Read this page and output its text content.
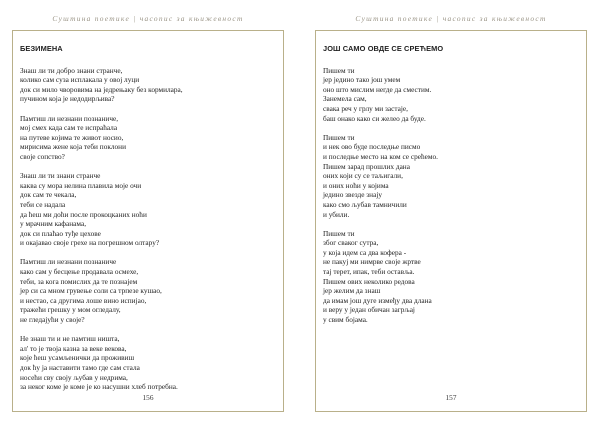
Суштина поетике | часопис за књижевност
БЕЗИМЕНА
Знаш ли ти добро знани странче,
колико сам суза исплакала у овој луци
док си мило чворовима на једрењаку без кормилара,
пучином која је недодирљива?
Памтиш ли незнани познаниче,
мој смех када сам те испраћала
на путеве којима те живот носио,
мирисима жене која теби поклони
своје сопство?
Знаш ли ти знани странче
каква су мора нелина плавила моје очи
док сам те чекала,
теби се надала
да ћеш ми доћи после прокоцканих ноћи
у мрачним кафанама,
док си плаћао туђе цехове
и окајавао своје грехе на погрешном олтару?
Памтиш ли незнани познаниче
како сам у бесцење продавала осмехе,
теби, за кога помислих да те познајем
јер си са мном грувење соли са трпезе кушао,
и нестао, са другима лоше вино испијао,
тражећи грешку у мом огледалу,
не гледајући у своје?
Не знаш ти и не памтиш ништа,
ал' то је твоја казна за веке векова,
које ћеш усамљенички да проживиш
док ћу ја наставити тамо где сам стала
носећи сву своју љубав у недрима,
за неког коме је коме је ко насушни хлеб потребна.
156
Суштина поетике | часопис за књижевност
ЈОШ САМО ОВДЕ СЕ СРЕЋЕМО
Пишем ти
јер једино тако још умем
оно што мислим негде да сместим.
Занемела сам,
свака реч у грлу ми застаје,
баш онако како си желео да буде.
Пишем ти
и нек ово буде последње писмо
и последње место на ком се срећемо.
Пишем зарад прошлих дана
оних који су се таљигали,
и оних ноћи у којима
једино звезде знају
како смо љубав тамничили
и убили.
Пишем ти
због сваког сутра,
у која идем са два кофера -
не пакуј ми нимрве своје жртве
тај терет, ипак, теби оставља.
Пишем ових неколико редова
јер желим да знаш
да имам још дуге између два длана
и веру у један обичан загрљај
у свим бојама.
157
